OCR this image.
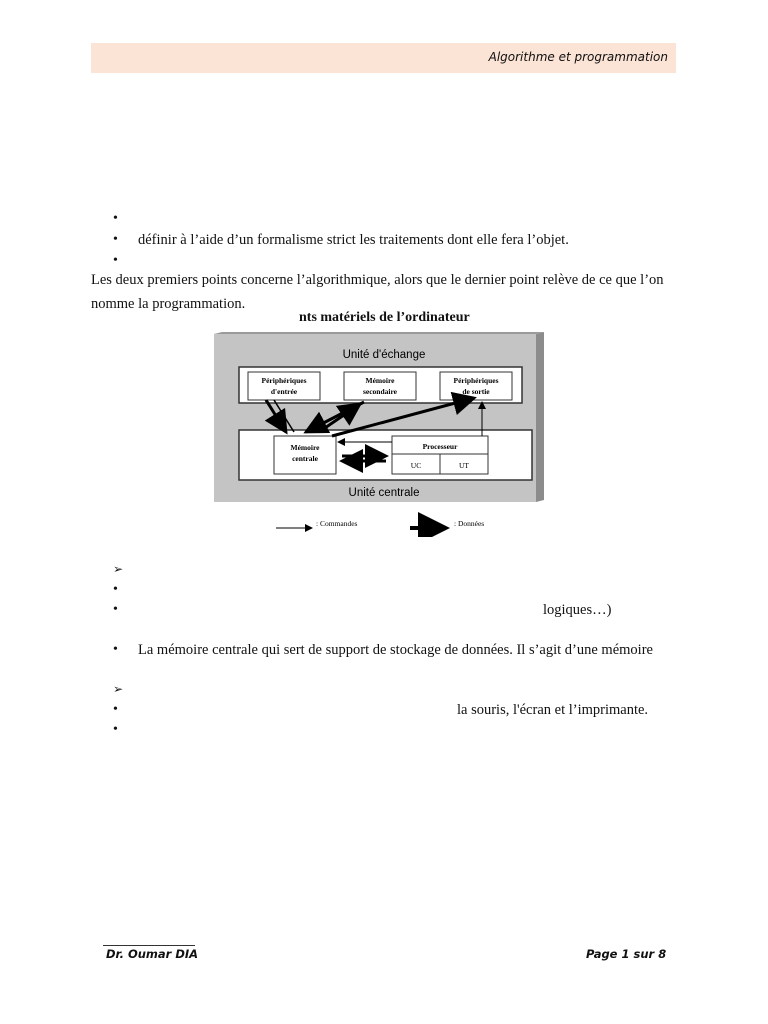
Algorithme et programmation
•
• définir à l’aide d’un formalisme strict les traitements dont elle fera l’objet.
•
Les deux premiers points concerne l’algorithmique, alors que le dernier point relève de ce que l’on nomme la programmation.
nts matériels de l’ordinateur
Unité d'échange
Périphériques
d'entrée
Mémoire
secondaire
Périphériques
de sortie
Mémoire
centrale
Processeur
UC	UT
Unité centrale
: Commandes	: Données
➢
•
•	logiques…)
• La mémoire centrale qui sert de support de stockage de données. Il s’agit d’une mémoire
➢
•	la souris, l'écran et l’imprimante.
•
Dr. Oumar DIA	Page 1 sur 8
